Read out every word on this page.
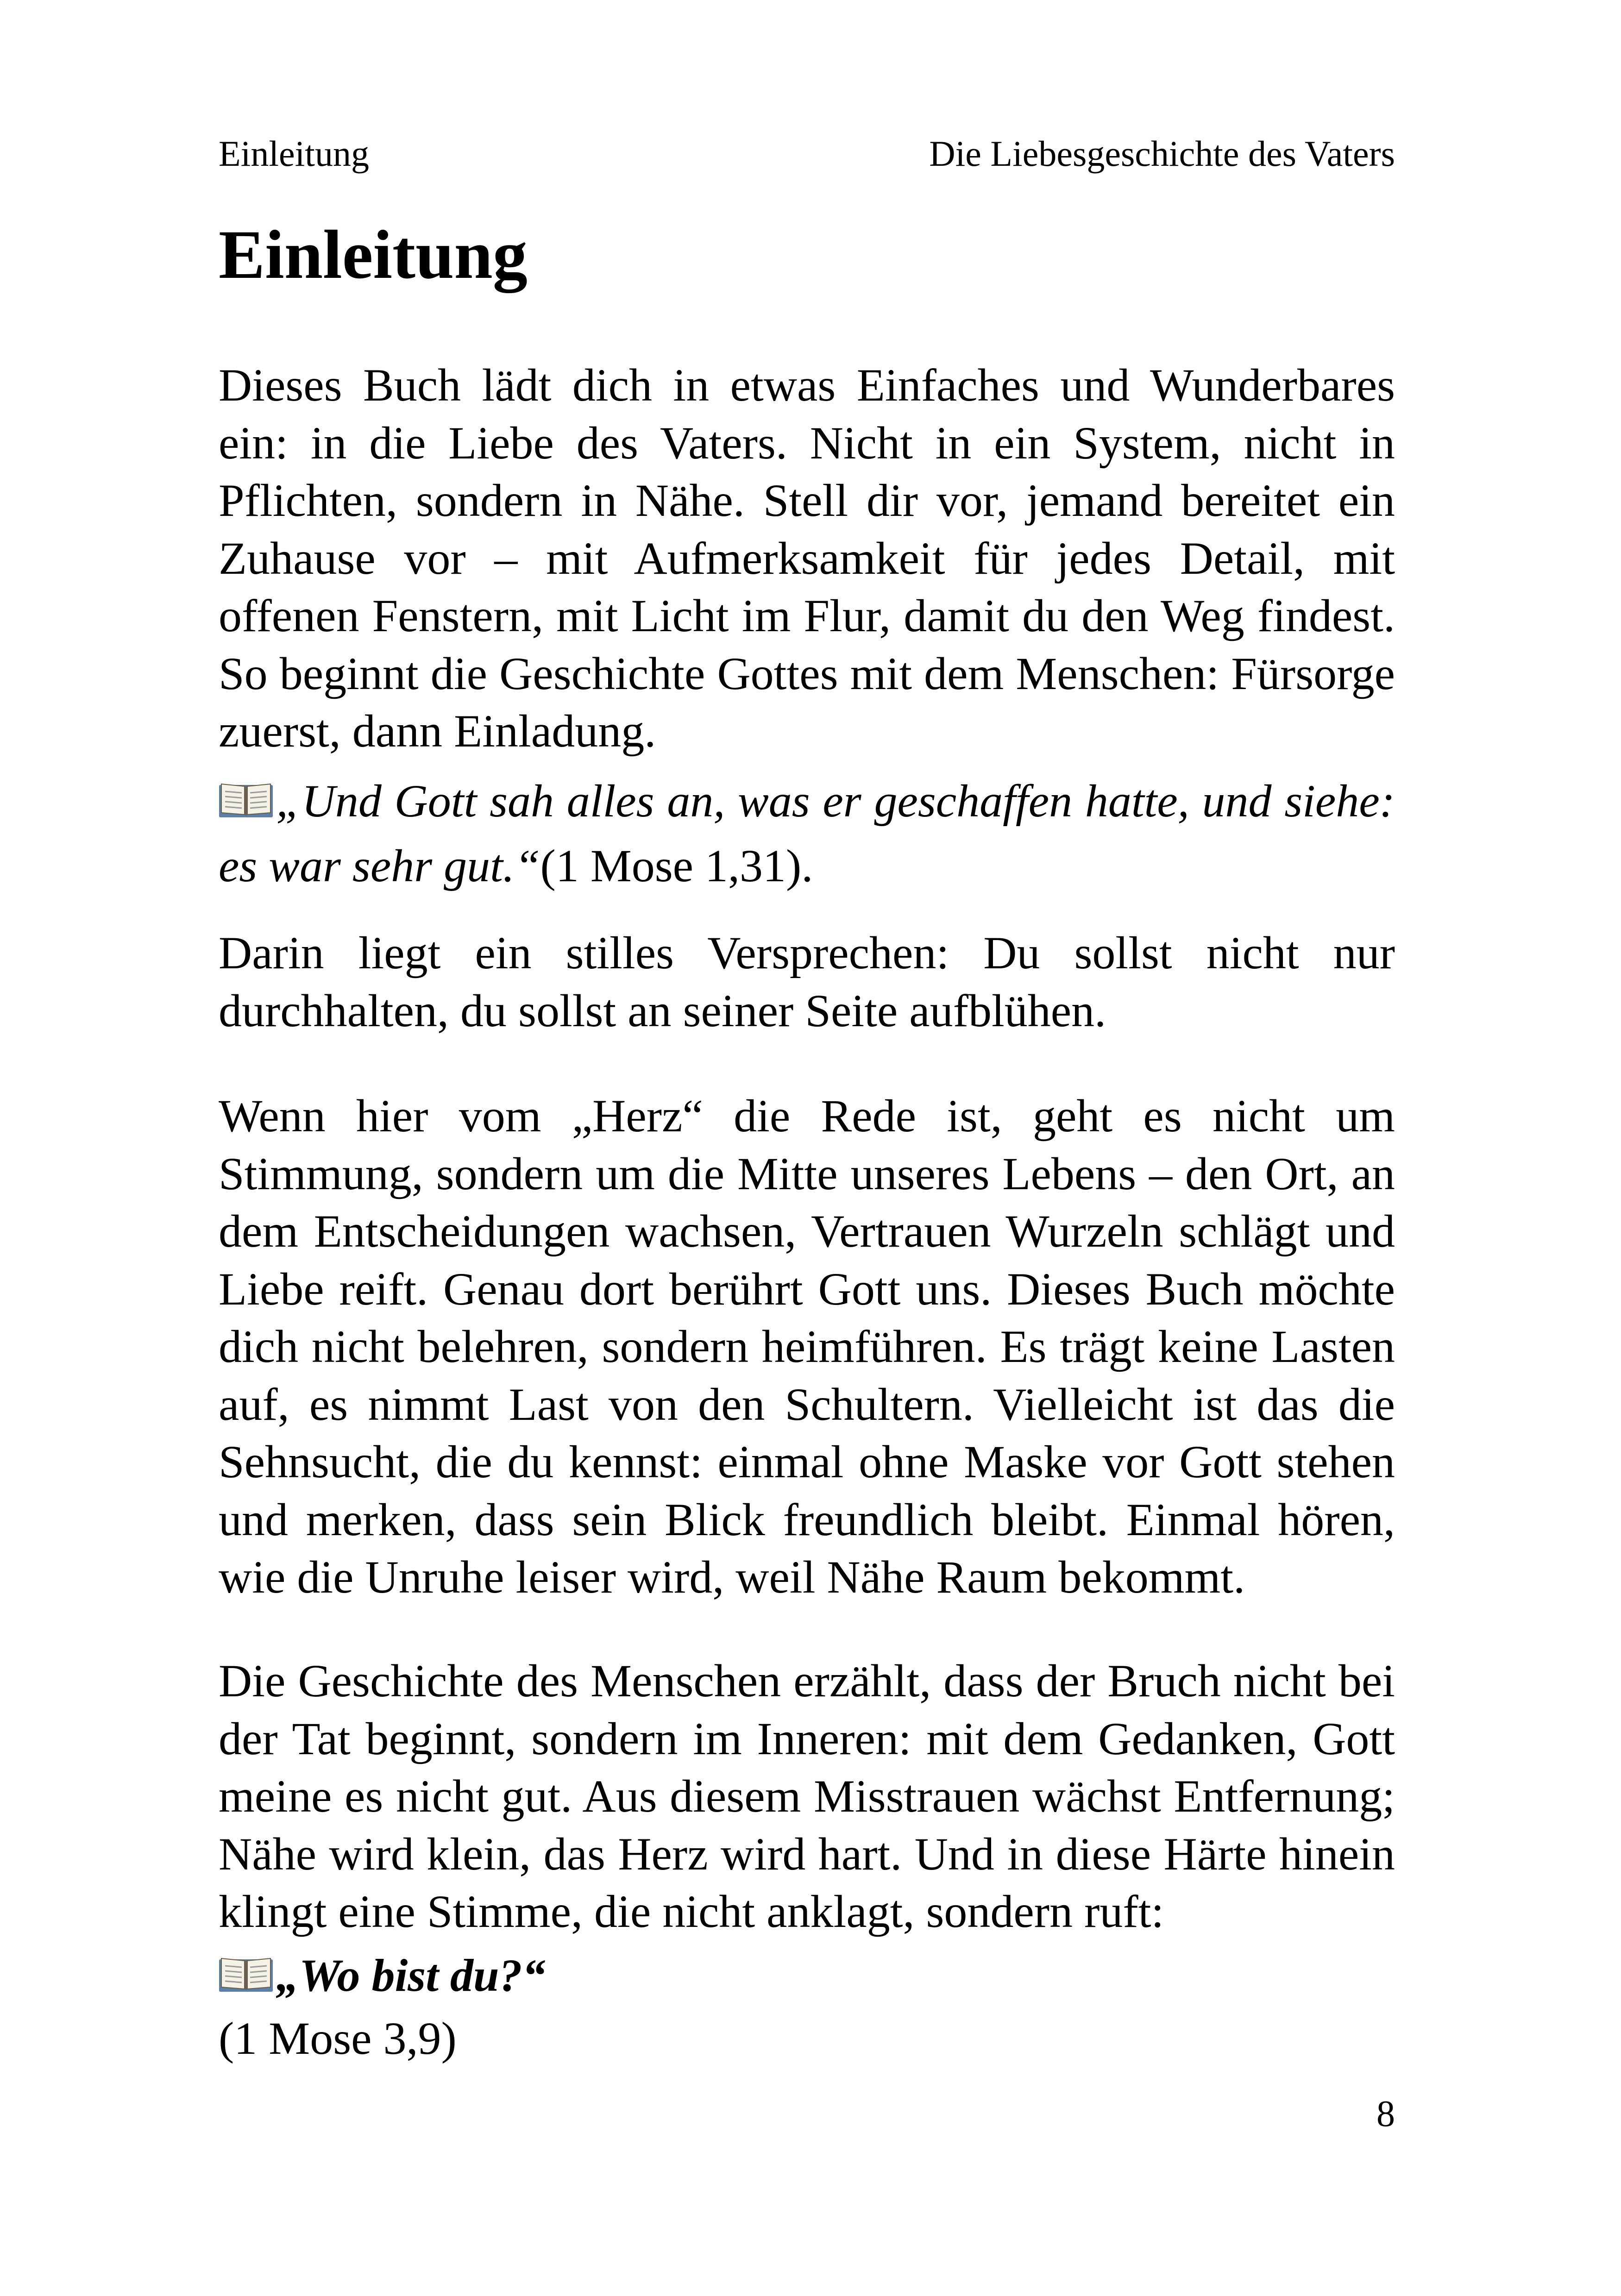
Einleitung	Die Liebesgeschichte des Vaters
Einleitung

Dieses Buch lädt dich in etwas Einfaches und Wunderbares ein: in die Liebe des Vaters. Nicht in ein System, nicht in Pflichten, sondern in Nähe. Stell dir vor, jemand bereitet ein Zuhause vor – mit Aufmerksamkeit für jedes Detail, mit offenen Fenstern, mit Licht im Flur, damit du den Weg findest. So beginnt die Geschichte Gottes mit dem Menschen: Fürsorge zuerst, dann Einladung.

„Und Gott sah alles an, was er geschaffen hatte, und siehe: es war sehr gut.“(1 Mose 1,31).

Darin liegt ein stilles Versprechen: Du sollst nicht nur durchhalten, du sollst an seiner Seite aufblühen.

Wenn hier vom „Herz“ die Rede ist, geht es nicht um Stimmung, sondern um die Mitte unseres Lebens – den Ort, an dem Entscheidungen wachsen, Vertrauen Wurzeln schlägt und Liebe reift. Genau dort berührt Gott uns. Dieses Buch möchte dich nicht belehren, sondern heimführen. Es trägt keine Lasten auf, es nimmt Last von den Schultern. Vielleicht ist das die Sehnsucht, die du kennst: einmal ohne Maske vor Gott stehen und merken, dass sein Blick freundlich bleibt. Einmal hören, wie die Unruhe leiser wird, weil Nähe Raum bekommt.

Die Geschichte des Menschen erzählt, dass der Bruch nicht bei der Tat beginnt, sondern im Inneren: mit dem Gedanken, Gott meine es nicht gut. Aus diesem Misstrauen wächst Entfernung; Nähe wird klein, das Herz wird hart. Und in diese Härte hinein klingt eine Stimme, die nicht anklagt, sondern ruft:

„Wo bist du?“

(1 Mose 3,9)

8
